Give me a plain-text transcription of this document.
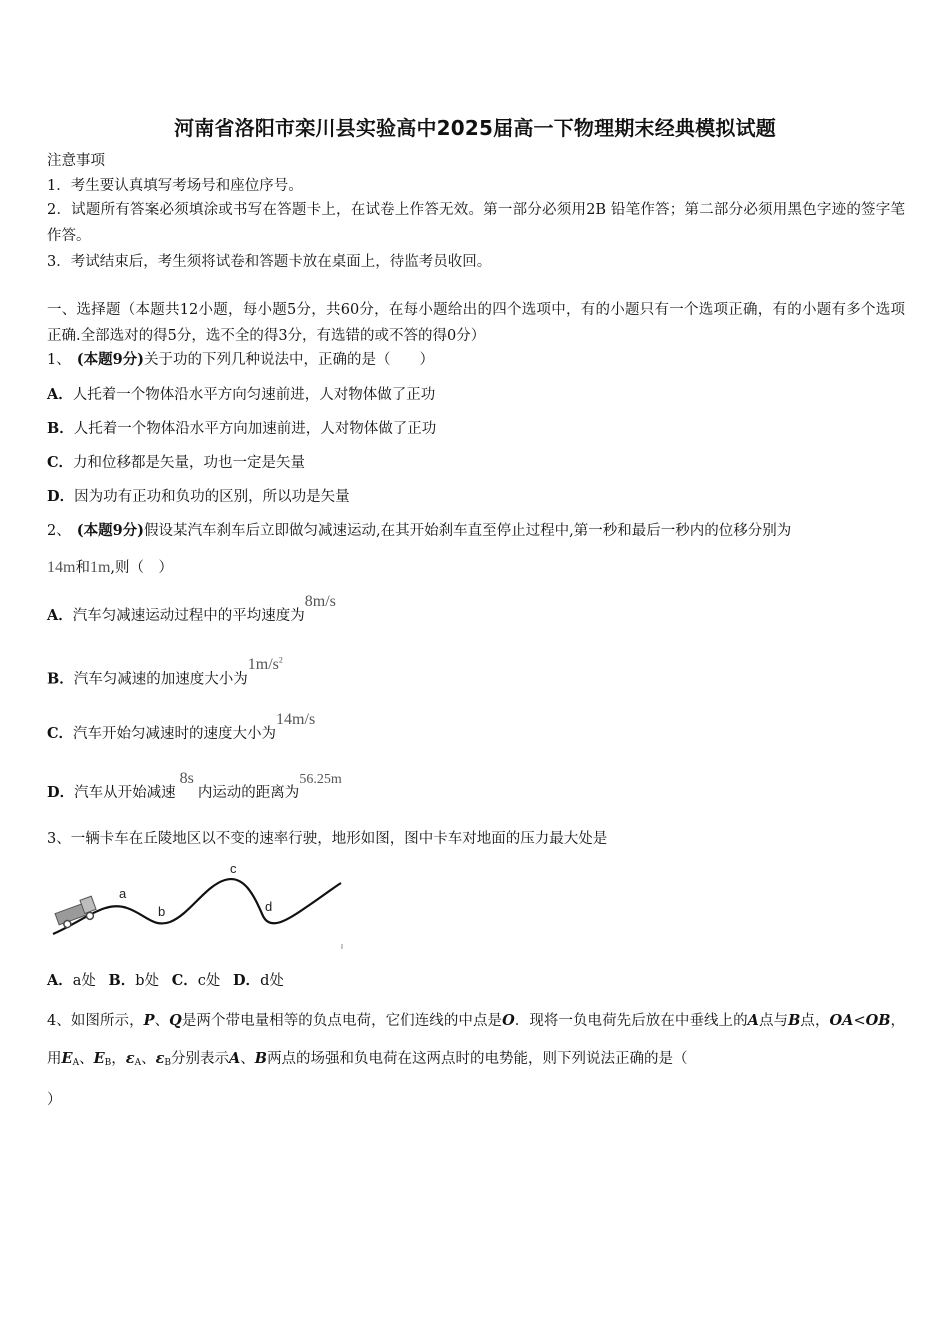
河南省洛阳市栾川县实验高中2025届高一下物理期末经典模拟试题
注意事项
1．考生要认真填写考场号和座位序号。
2．试题所有答案必须填涂或书写在答题卡上，在试卷上作答无效。第一部分必须用2B 铅笔作答；第二部分必须用黑色字迹的签字笔作答。
3．考试结束后，考生须将试卷和答题卡放在桌面上，待监考员收回。
一、选择题（本题共12小题，每小题5分，共60分，在每小题给出的四个选项中，有的小题只有一个选项正确，有的小题有多个选项正确.全部选对的得5分，选不全的得3分，有选错的或不答的得0分）
1、 (本题9分)关于功的下列几种说法中，正确的是（　　）
A．人托着一个物体沿水平方向匀速前进，人对物体做了正功
B．人托着一个物体沿水平方向加速前进，人对物体做了正功
C．力和位移都是矢量，功也一定是矢量
D．因为功有正功和负功的区别，所以功是矢量
2、 (本题9分)假设某汽车刹车后立即做匀减速运动,在其开始刹车直至停止过程中,第一秒和最后一秒内的位移分别为
14m和1m,则（　）
A．汽车匀减速运动过程中的平均速度为8m/s
B．汽车匀减速的加速度大小为$1m/s^2$
C．汽车开始匀减速时的速度大小为14m/s
D．汽车从开始减速8s内运动的距离为56.25m
3、一辆卡车在丘陵地区以不变的速率行驶，地形如图，图中卡车对地面的压力最大处是
a
b
c
d
A．a处 B．b处 C．c处 D．d处
4、如图所示，P、Q是两个带电量相等的负点电荷，它们连线的中点是O．现将一负电荷先后放在中垂线上的A点与B点，OA<OB，用$E_A$、$E_B$，$\varepsilon_A$、$\varepsilon_B$分别表示A、B两点的场强和负电荷在这两点时的电势能，则下列说法正确的是（
）
